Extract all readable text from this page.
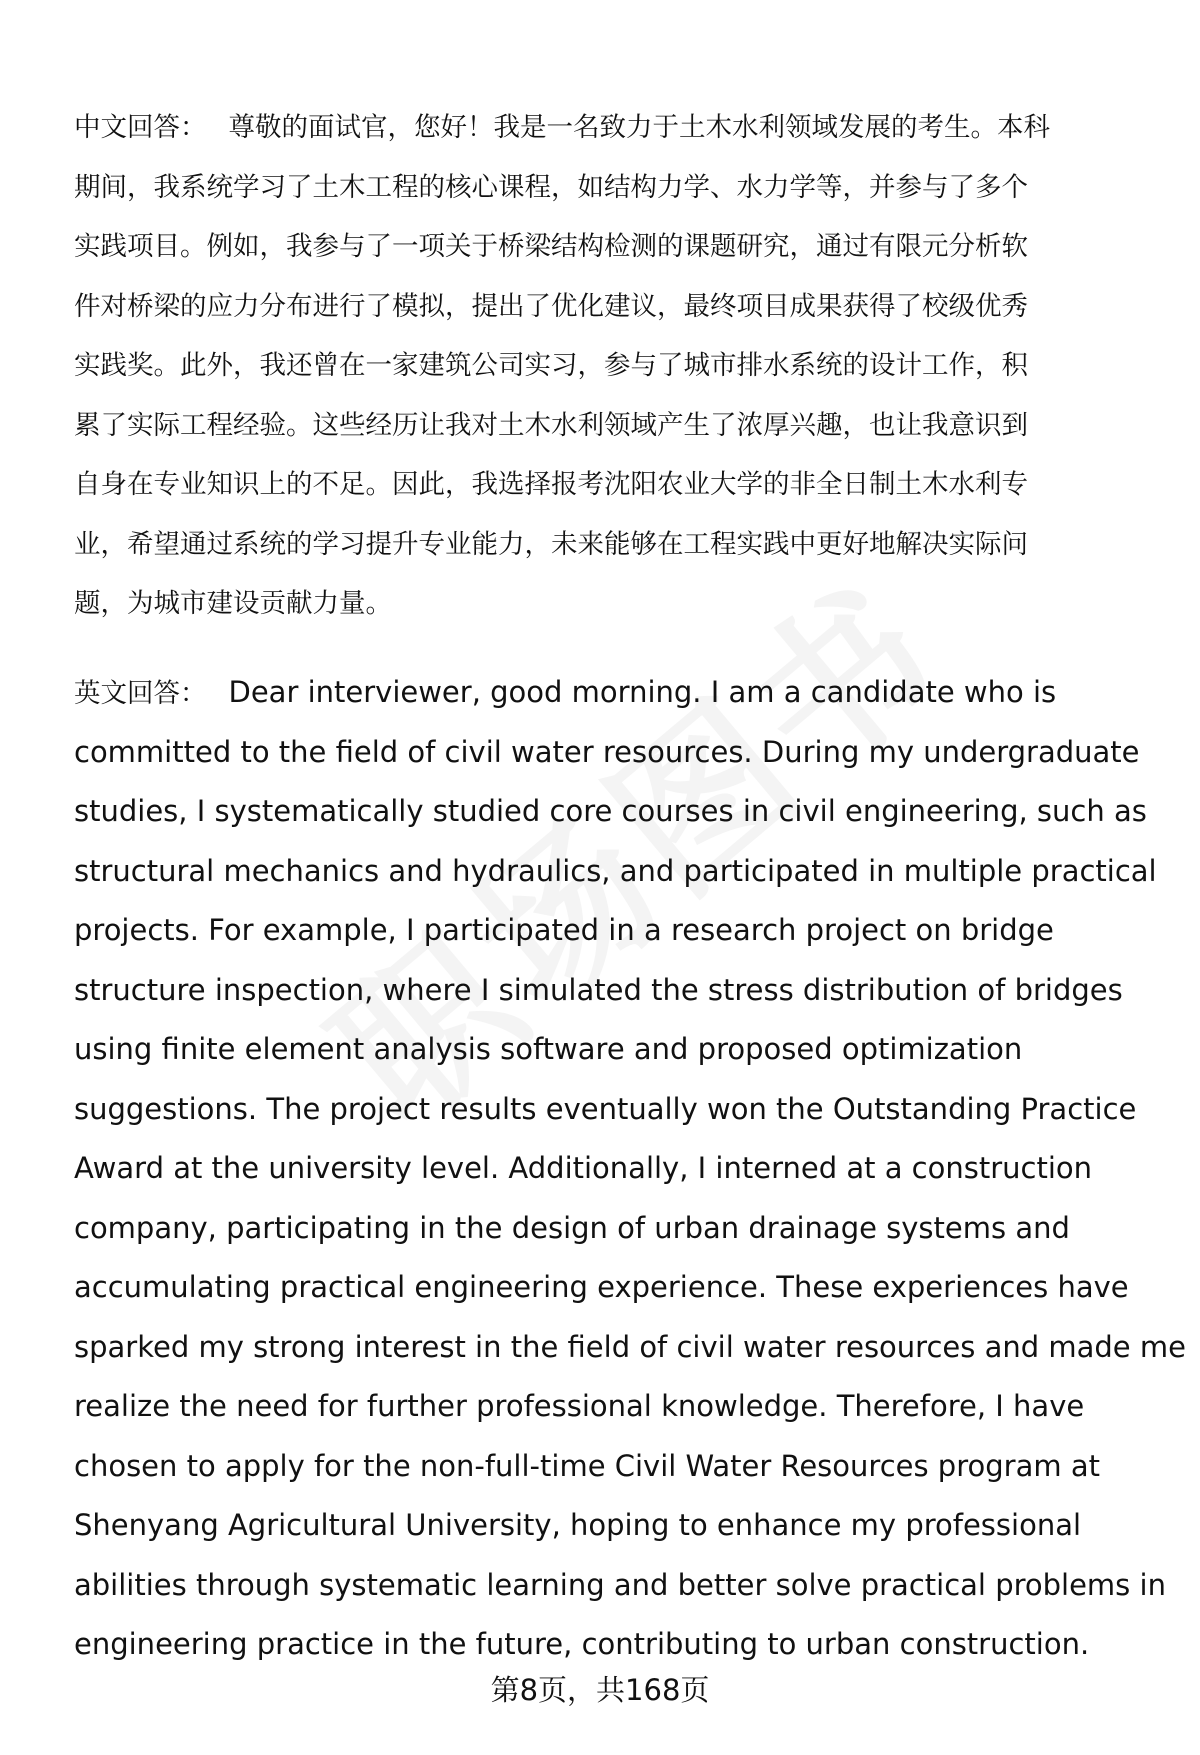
中文回答： 尊敬的面试官，您好！我是一名致力于土木水利领域发展的考生。本科
期间，我系统学习了土木工程的核心课程，如结构力学、水力学等，并参与了多个
实践项目。例如，我参与了一项关于桥梁结构检测的课题研究，通过有限元分析软
件对桥梁的应力分布进行了模拟，提出了优化建议，最终项目成果获得了校级优秀
实践奖。此外，我还曾在一家建筑公司实习，参与了城市排水系统的设计工作，积
累了实际工程经验。这些经历让我对土木水利领域产生了浓厚兴趣，也让我意识到
自身在专业知识上的不足。因此，我选择报考沈阳农业大学的非全日制土木水利专
业，希望通过系统的学习提升专业能力，未来能够在工程实践中更好地解决实际问
题，为城市建设贡献力量。
英文回答： Dear interviewer, good morning. I am a candidate who is
committed to the field of civil water resources. During my undergraduate
studies, I systematically studied core courses in civil engineering, such as
structural mechanics and hydraulics, and participated in multiple practical
projects. For example, I participated in a research project on bridge
structure inspection, where I simulated the stress distribution of bridges
using finite element analysis software and proposed optimization
suggestions. The project results eventually won the Outstanding Practice
Award at the university level. Additionally, I interned at a construction
company, participating in the design of urban drainage systems and
accumulating practical engineering experience. These experiences have
sparked my strong interest in the field of civil water resources and made me
realize the need for further professional knowledge. Therefore, I have
chosen to apply for the non-full-time Civil Water Resources program at
Shenyang Agricultural University, hoping to enhance my professional
abilities through systematic learning and better solve practical problems in
engineering practice in the future, contributing to urban construction.
第8页，共168页
